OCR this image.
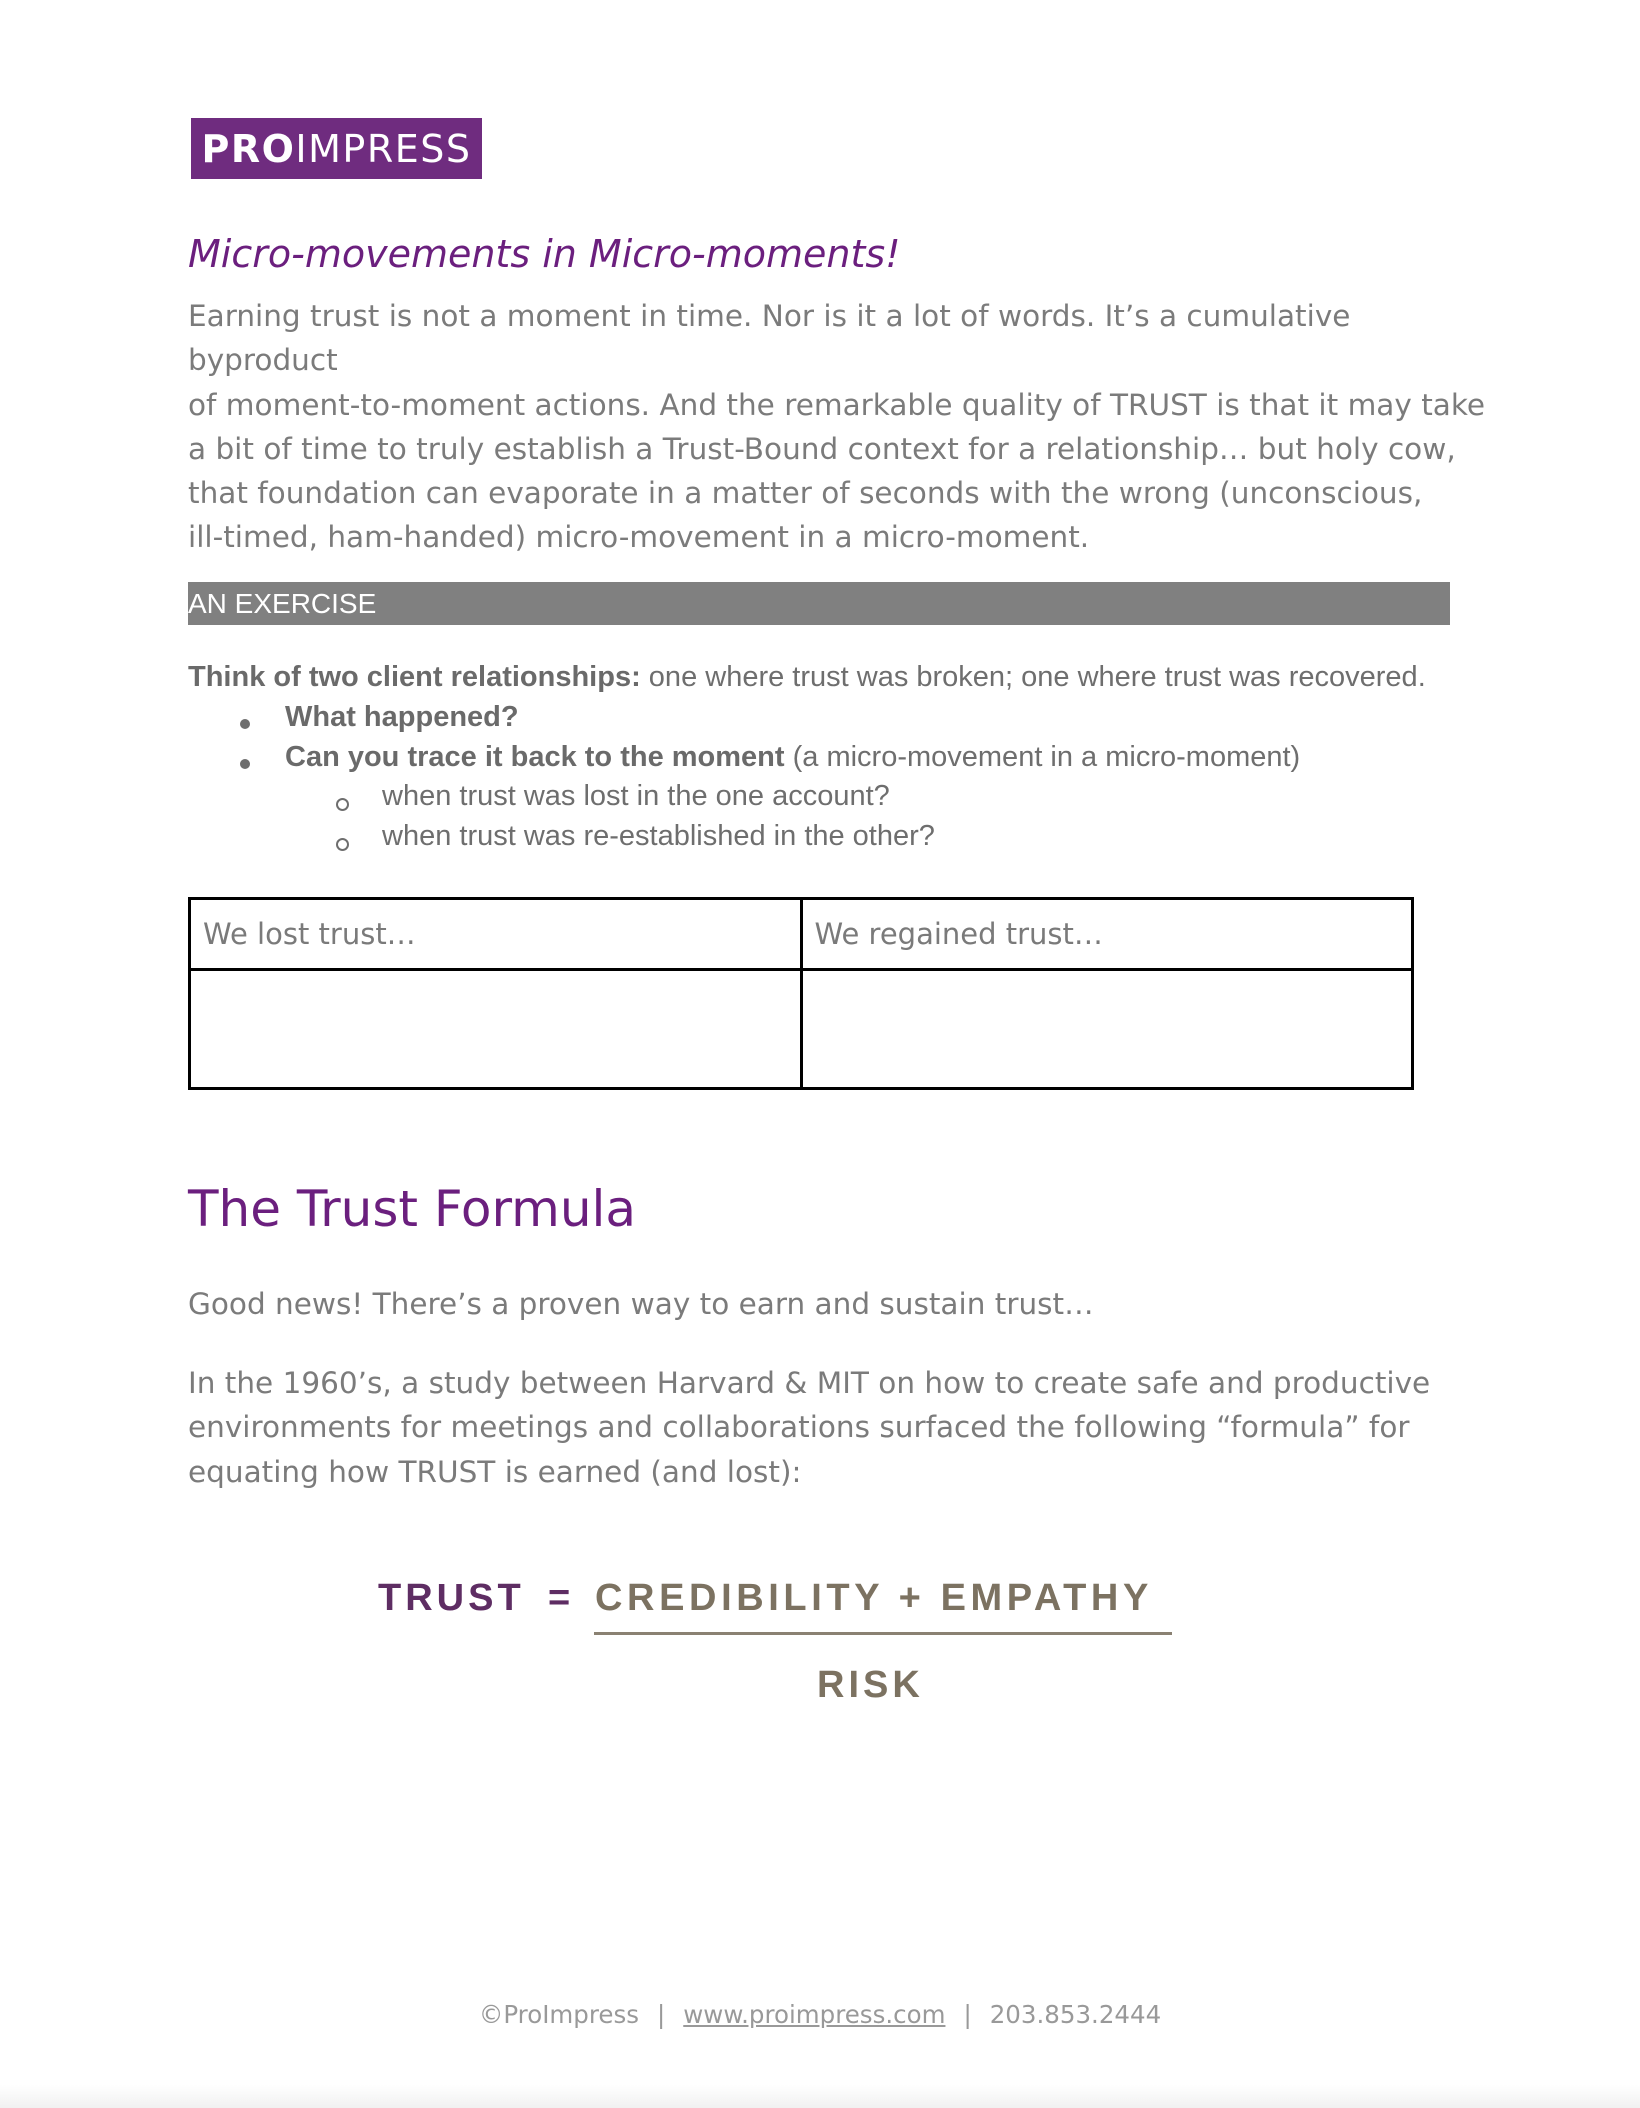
PRO IMPRESS
Micro-movements in Micro-moments!
Earning trust is not a moment in time. Nor is it a lot of words. It’s a cumulative byproduct
of moment-to-moment actions. And the remarkable quality of TRUST is that it may take
a bit of time to truly establish a Trust-Bound context for a relationship… but holy cow,
that foundation can evaporate in a matter of seconds with the wrong (unconscious,
ill-timed, ham-handed) micro-movement in a micro-moment.
AN EXERCISE
Think of two client relationships: one where trust was broken; one where trust was recovered.
What happened?
Can you trace it back to the moment (a micro-movement in a micro-moment)
when trust was lost in the one account?
when trust was re-established in the other?
We lost trust…	We regained trust…

The Trust Formula
Good news! There’s a proven way to earn and sustain trust…
In the 1960’s, a study between Harvard & MIT on how to create safe and productive
environments for meetings and collaborations surfaced the following “formula” for
equating how TRUST is earned (and lost):
TRUST = CREDIBILITY + EMPATHY
RISK
©ProImpress | www.proimpress.com | 203.853.2444
